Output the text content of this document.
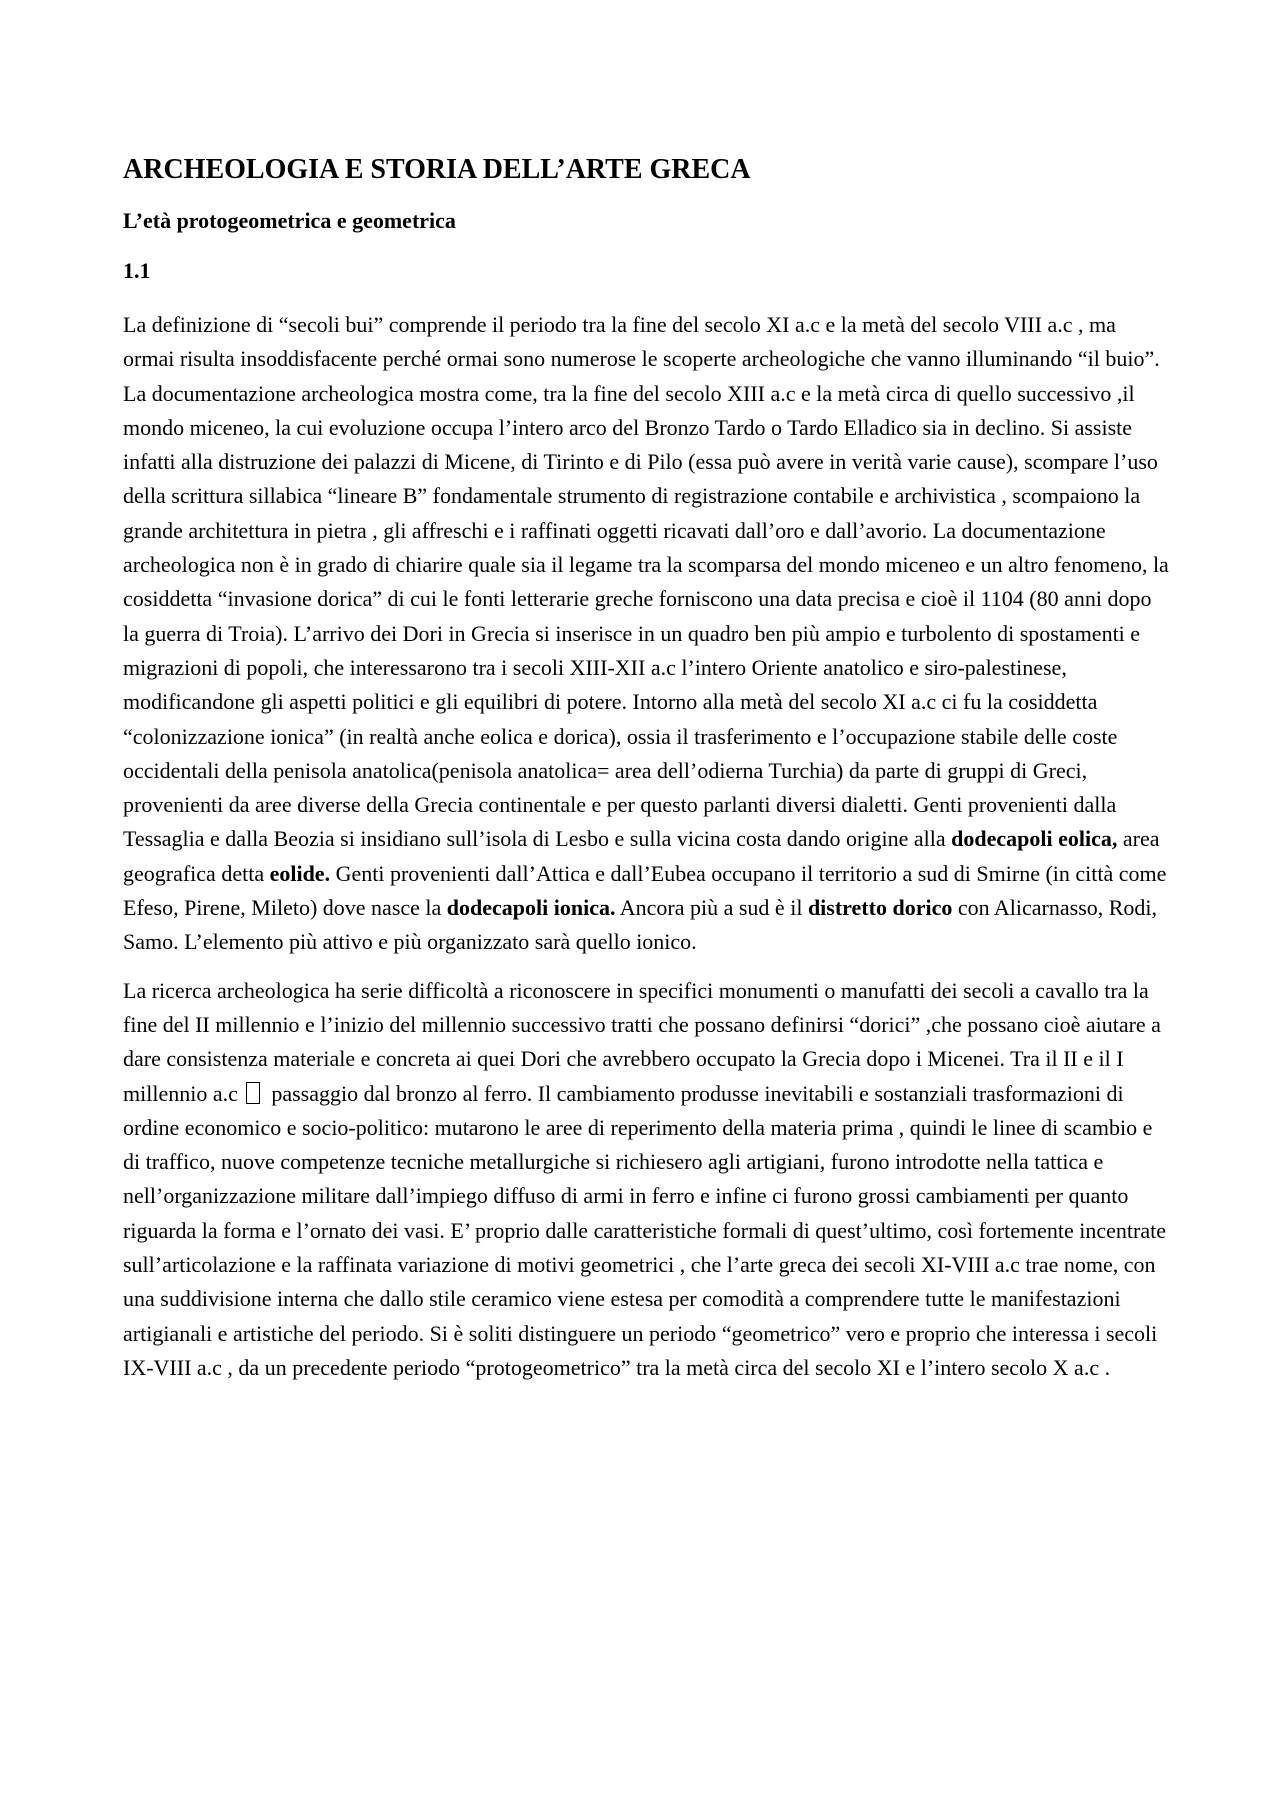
ARCHEOLOGIA E STORIA DELL’ARTE GRECA
L’età protogeometrica e geometrica
1.1

La definizione di “secoli bui” comprende il periodo tra la fine del secolo XI a.c e la metà del secolo VIII a.c , ma ormai risulta insoddisfacente perché ormai sono numerose le scoperte archeologiche che vanno illuminando “il buio”. La documentazione archeologica mostra come, tra la fine del secolo XIII a.c e la metà circa di quello successivo ,il mondo miceneo, la cui evoluzione occupa l’intero arco del Bronzo Tardo o Tardo Elladico sia in declino. Si assiste infatti alla distruzione dei palazzi di Micene, di Tirinto e di Pilo (essa può avere in verità varie cause), scompare l’uso della scrittura sillabica “lineare B” fondamentale strumento di registrazione contabile e archivistica , scompaiono la grande architettura in pietra , gli affreschi e i raffinati oggetti ricavati dall’oro e dall’avorio. La documentazione archeologica non è in grado di chiarire quale sia il legame tra la scomparsa del mondo miceneo e un altro fenomeno, la cosiddetta “invasione dorica” di cui le fonti letterarie greche forniscono una data precisa e cioè il 1104 (80 anni dopo la guerra di Troia). L’arrivo dei Dori in Grecia si inserisce in un quadro ben più ampio e turbolento di spostamenti e migrazioni di popoli, che interessarono tra i secoli XIII-XII a.c l’intero Oriente anatolico e siro-palestinese, modificandone gli aspetti politici e gli equilibri di potere. Intorno alla metà del secolo XI a.c ci fu la cosiddetta “colonizzazione ionica” (in realtà anche eolica e dorica), ossia il trasferimento e l’occupazione stabile delle coste occidentali della penisola anatolica(penisola anatolica= area dell’odierna Turchia) da parte di gruppi di Greci, provenienti da aree diverse della Grecia continentale e per questo parlanti diversi dialetti. Genti provenienti dalla Tessaglia e dalla Beozia si insidiano sull’isola di Lesbo e sulla vicina costa dando origine alla dodecapoli eolica, area geografica detta eolide. Genti provenienti dall’Attica e dall’Eubea occupano il territorio a sud di Smirne (in città come Efeso, Pirene, Mileto) dove nasce la dodecapoli ionica. Ancora più a sud è il distretto dorico con Alicarnasso, Rodi, Samo. L’elemento più attivo e più organizzato sarà quello ionico.

La ricerca archeologica ha serie difficoltà a riconoscere in specifici monumenti o manufatti dei secoli a cavallo tra la fine del II millennio e l’inizio del millennio successivo tratti che possano definirsi “dorici” ,che possano cioè aiutare a dare consistenza materiale e concreta ai quei Dori che avrebbero occupato la Grecia dopo i Micenei. Tra il II e il I millennio a.c passaggio dal bronzo al ferro. Il cambiamento produsse inevitabili e sostanziali trasformazioni di ordine economico e socio-politico: mutarono le aree di reperimento della materia prima , quindi le linee di scambio e di traffico, nuove competenze tecniche metallurgiche si richiesero agli artigiani, furono introdotte nella tattica e nell’organizzazione militare dall’impiego diffuso di armi in ferro e infine ci furono grossi cambiamenti per quanto riguarda la forma e l’ornato dei vasi. E’ proprio dalle caratteristiche formali di quest’ultimo, così fortemente incentrate sull’articolazione e la raffinata variazione di motivi geometrici , che l’arte greca dei secoli XI-VIII a.c trae nome, con una suddivisione interna che dallo stile ceramico viene estesa per comodità a comprendere tutte le manifestazioni artigianali e artistiche del periodo. Si è soliti distinguere un periodo “geometrico” vero e proprio che interessa i secoli IX-VIII a.c , da un precedente periodo “protogeometrico” tra la metà circa del secolo XI e l’intero secolo X a.c .
